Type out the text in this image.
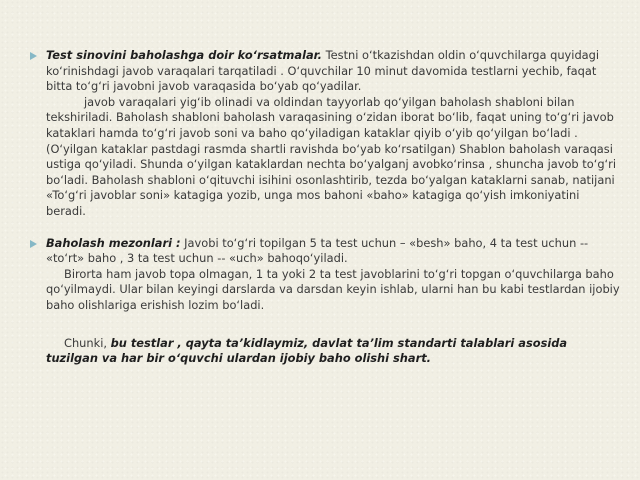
Test sinovini baholashga doir ko‘rsatmalar. Testni o‘tkazishdan oldin o‘quvchilarga quyidagi ko‘rinishdagi javob varaqalari tarqatiladi . O‘quvchilar 10 minut davomida testlarni yechib, faqat bitta to‘g‘ri javobni javob varaqasida bo‘yab qo‘yadilar.

javob varaqalari yig‘ib olinadi va oldindan tayyorlab qo‘yilgan baholash shabloni bilan tekshiriladi. Baholash shabloni baholash varaqasining o‘zidan iborat bo‘lib, faqat uning to‘g‘ri javob kataklari hamda to‘g‘ri javob soni va baho qo‘yiladigan kataklar qiyib o‘yib qo‘yilgan bo‘ladi .(O‘yilgan kataklar pastdagi rasmda shartli ravishda bo‘yab ko‘rsatilgan) Shablon baholash varaqasi ustiga qo‘yiladi. Shunda o‘yilgan kataklardan nechta bo‘yalganj avobko‘rinsa , shuncha javob to‘g‘ri bo‘ladi. Baholash shabloni o‘qituvchi isihini osonlashtirib, tezda bo‘yalgan kataklarni sanab, natijani «To‘g‘ri javoblar soni» katagiga yozib, unga mos bahoni «baho» katagiga qo‘yish imkoniyatini beradi.

Baholash mezonlari : Javobi to‘g‘ri topilgan 5 ta test uchun – «besh» baho, 4 ta test uchun -- «to‘rt» baho , 3 ta test uchun -- «uch» bahoqo‘yiladi.

Birorta ham javob topa olmagan, 1 ta yoki 2 ta test javoblarini to‘g‘ri topgan o‘quvchilarga baho qo‘yilmaydi. Ular bilan keyingi darslarda va darsdan keyin ishlab, ularni han bu kabi testlardan ijobiy baho olishlariga erishish lozim bo‘ladi.

Chunki, bu testlar , qayta ta’kidlaymiz, davlat ta’lim standarti talablari asosida tuzilgan va har bir o‘quvchi ulardan ijobiy baho olishi shart.
